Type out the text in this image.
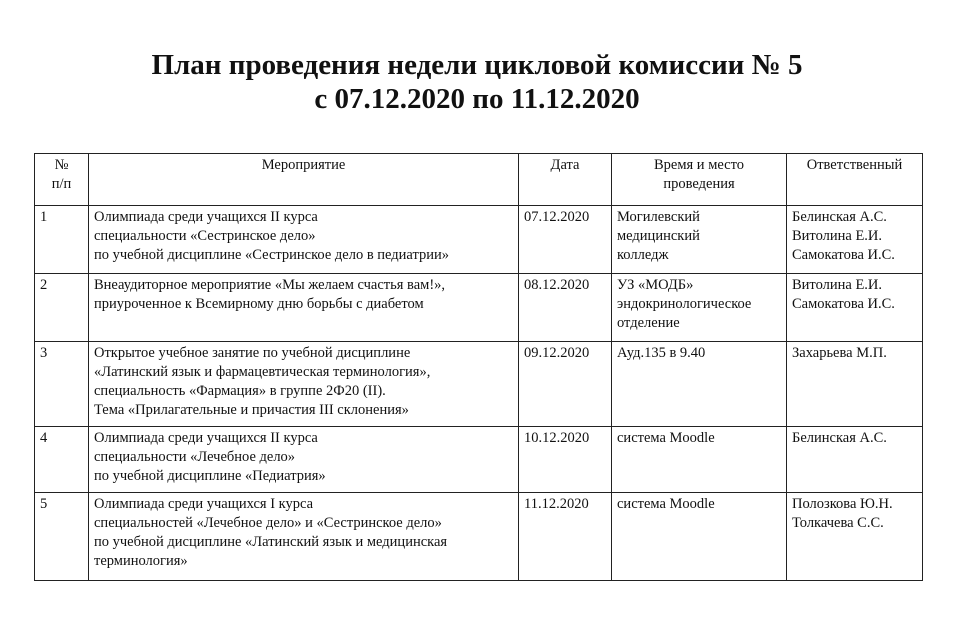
План проведения недели цикловой комиссии № 5
с 07.12.2020 по 11.12.2020
№
п/п	Мероприятие	Дата	Время и место
проведения	Ответственный
1	Олимпиада среди учащихся II курса
специальности «Сестринское дело»
по учебной дисциплине «Сестринское дело в педиатрии»	07.12.2020	Могилевский
медицинский
колледж	Белинская А.С.
Витолина Е.И.
Самокатова И.С.

2	Внеаудиторное мероприятие «Мы желаем счастья вам!»,
приуроченное к Всемирному дню борьбы с диабетом	08.12.2020	УЗ «МОДБ»
эндокринологическое
отделение	Витолина Е.И.
Самокатова И.С.

3	Открытое учебное занятие по учебной дисциплине
«Латинский язык и фармацевтическая терминология»,
специальность «Фармация» в группе 2Ф20 (II).
Тема «Прилагательные и причастия III склонения»	09.12.2020	Ауд.135 в 9.40	Захарьева М.П.

4	Олимпиада среди учащихся II курса
специальности «Лечебное дело»
по учебной дисциплине «Педиатрия»	10.12.2020	система Moodle	Белинская А.С.

5	Олимпиада среди учащихся I курса
специальностей «Лечебное дело» и «Сестринское дело»
по учебной дисциплине «Латинский язык и медицинская
терминология»	11.12.2020	система Moodle	Полозкова Ю.Н.
Толкачева С.С.
